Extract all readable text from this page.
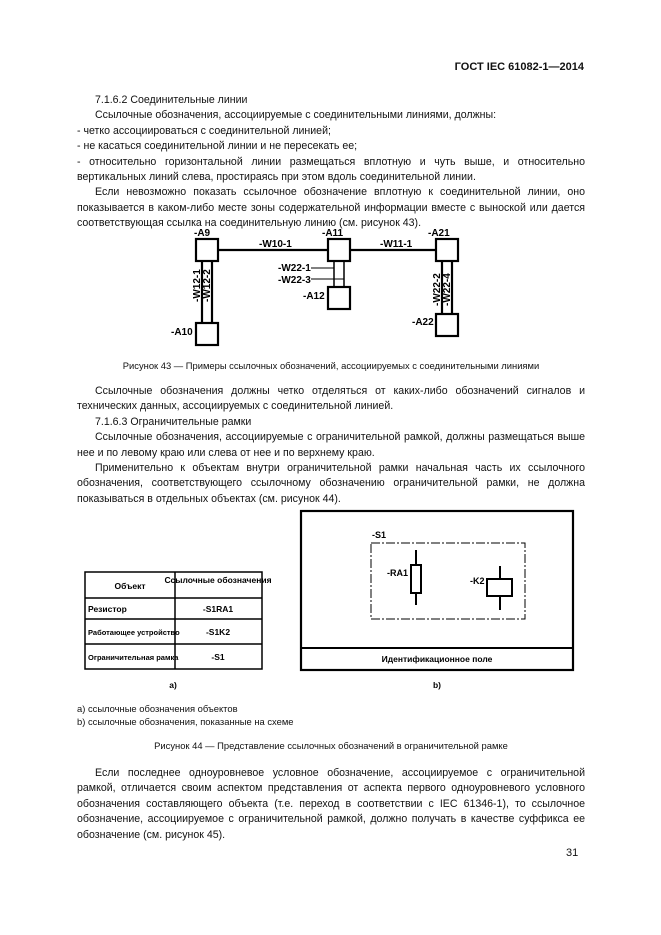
ГОСТ IEC 61082-1—2014

7.1.6.2 Соединительные линии

Ссылочные обозначения, ассоциируемые с соединительными линиями, должны:

- четко ассоциироваться с соединительной линией;

- не касаться соединительной линии и не пересекать ее;

- относительно горизонтальной линии размещаться вплотную и чуть выше, и относительно вертикальных линий слева, простираясь при этом вдоль соединительной линии.

Если невозможно показать ссылочное обозначение вплотную к соединительной линии, оно показывается в каком-либо месте зоны содержательной информации вместе с выноской или дается соответствующая ссылка на соединительную линию (см. рисунок 43).

-A9
-A10
-A11
-A12
-A21
-A22
-W10-1	-W11-1
-W22-1
-W22-3
-W12-1 -W12-2	-W22-2 -W22-4
Рисунок 43 — Примеры ссылочных обозначений, ассоциируемых с соединительными линиями

Ссылочные обозначения должны четко отделяться от каких-либо обозначений сигналов и технических данных, ассоциируемых с соединительной линией.

7.1.6.3 Ограничительные рамки

Ссылочные обозначения, ассоциируемые с ограничительной рамкой, должны размещаться выше нее и по левому краю или слева от нее и по верхнему краю.

Применительно к объектам внутри ограничительной рамки начальная часть их ссылочного обозначения, соответствующего ссылочному обозначению ограничительной рамки, не должна показываться в отдельных объектах (см. рисунок 44).

Объект
Ссылочные обозначения
Резистор	-S1RA1
Работающее устройство	-S1K2
Ограничительная рамка	-S1
a)	b)
-S1
-RA1
-K2
Идентификационное поле
a) ссылочные обозначения объектов
b) ссылочные обозначения, показанные на схеме
Рисунок 44 — Представление ссылочных обозначений в ограничительной рамке

Если последнее одноуровневое условное обозначение, ассоциируемое с ограничительной рамкой, отличается своим аспектом представления от аспекта первого одноуровневого условного обозначения составляющего объекта (т.е. переход в соответствии с IEC 61346-1), то ссылочное обозначение, ассоциируемое с ограничительной рамкой, должно получать в качестве суффикса ее обозначение (см. рисунок 45).

31
